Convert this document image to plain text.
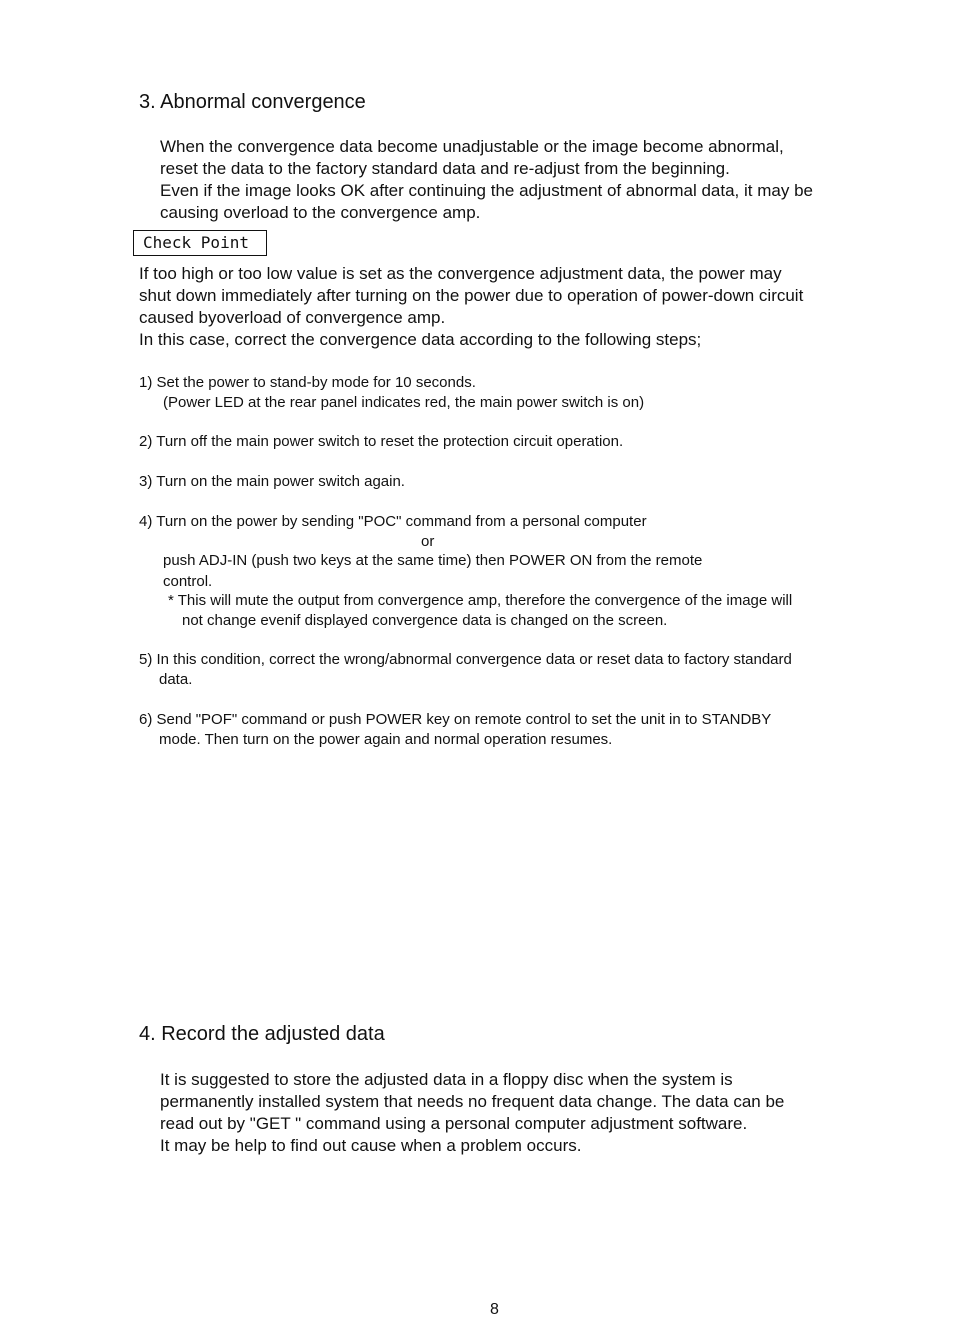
3. Abnormal convergence
When the convergence data become unadjustable or the image become abnormal,
reset the data to the factory standard data and re-adjust from the beginning.
Even if the image looks OK after continuing the adjustment of abnormal data, it may be
causing overload to the convergence amp.
Check Point
If too high or too low value is set as the convergence adjustment data, the power may
shut down immediately after turning on the power due to operation of power-down circuit
caused byoverload of convergence amp.
In this case, correct the convergence data according to the following steps;
1) Set the power to stand-by mode for 10 seconds.
(Power LED at the rear panel indicates red, the main power switch is on)
2) Turn off the main power switch to reset the protection circuit operation.
3) Turn on the main power switch again.
4) Turn on the power by sending "POC" command from a personal computer
or
push ADJ-IN (push two keys at the same time) then POWER ON from the remote
control.
* This will mute the output from convergence amp, therefore the convergence of the image will
not change evenif displayed convergence data is changed on the screen.
5) In this condition, correct the wrong/abnormal convergence data or reset data to factory standard
data.
6) Send "POF" command or push POWER key on remote control to set the unit in to STANDBY
mode. Then turn on the power again and normal operation resumes.
4. Record the adjusted data
It is suggested to store the adjusted data in a floppy disc when the system is
permanently installed system that needs no frequent data change. The data can be
read out by "GET " command using a personal computer adjustment software.
It may be help to find out cause when a problem occurs.
8
